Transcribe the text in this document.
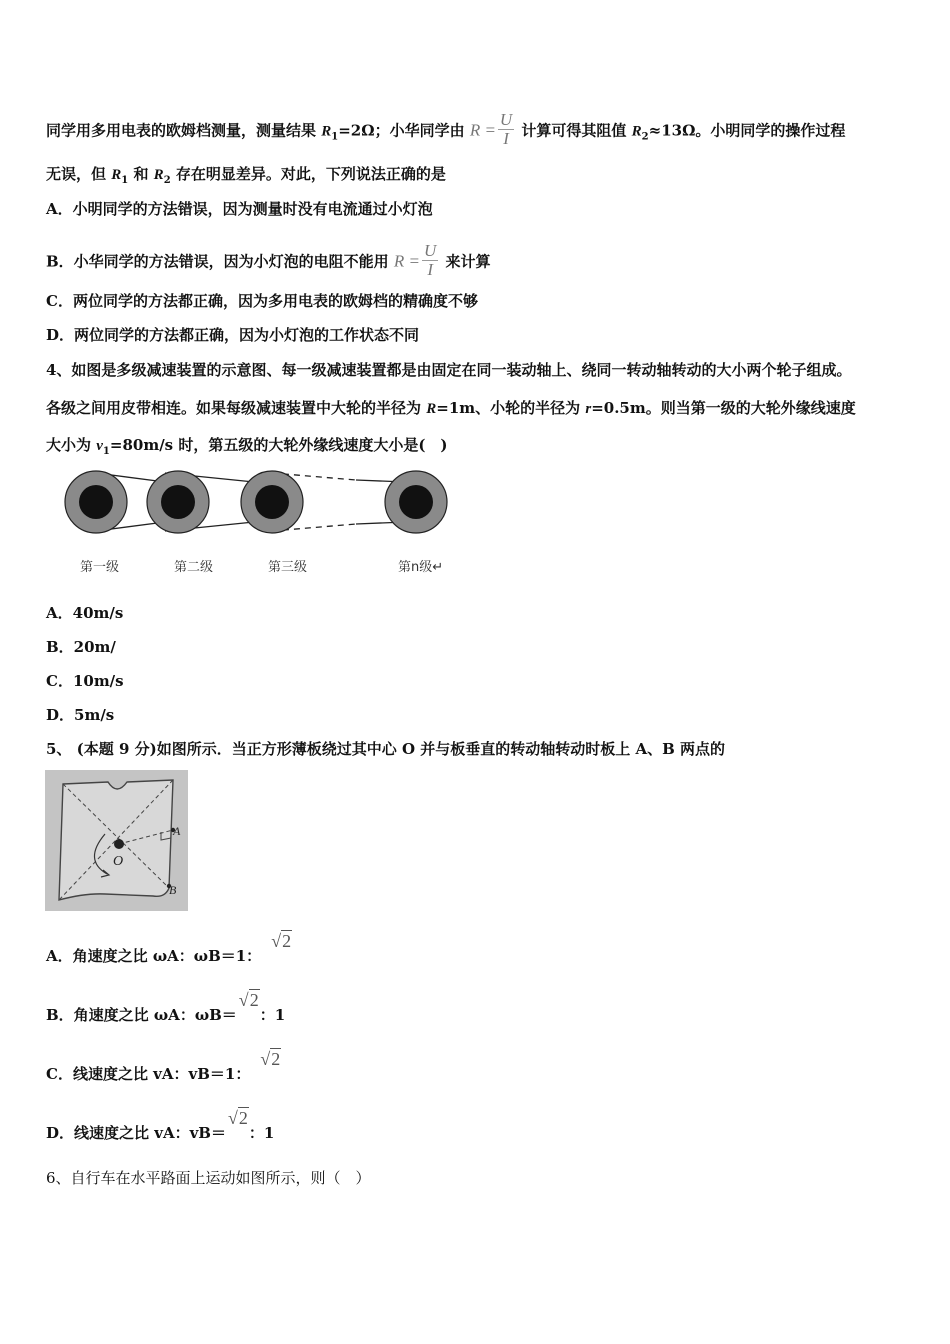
同学用多用电表的欧姆档测量，测量结果 $R_1=2\Omega$；小华同学由 $R = \frac{U}{I}$ 计算可得其阻值 $R_2\approx 13\Omega$。小明同学的操作过程
无误，但 $R_1$ 和 $R_2$ 存在明显差异。对此，下列说法正确的是
A．小明同学的方法错误，因为测量时没有电流通过小灯泡
B．小华同学的方法错误，因为小灯泡的电阻不能用 $R = \frac{U}{I}$ 来计算
C．两位同学的方法都正确，因为多用电表的欧姆档的精确度不够
D．两位同学的方法都正确，因为小灯泡的工作状态不同
4、如图是多级减速装置的示意图、每一级减速装置都是由固定在同一装动轴上、绕同一转动轴转动的大小两个轮子组成。
各级之间用皮带相连。如果每级减速装置中大轮的半径为 R=1m、小轮的半径为 r=0.5m。则当第一级的大轮外缘线速度
大小为 $v_1=80m/s$ 时，第五级的大轮外缘线速度大小是(　)
第一级	第二级	第三级	第n级↵
A．40m/s
B．20m/
C．10m/s
D．5m/s
5、 (本题 9 分)如图所示．当正方形薄板绕过其中心 O 并与板垂直的转动轴转动时板上 A、B 两点的
A
O
B
A．角速度之比 ωA：ωB＝1：√2
B．角速度之比 ωA：ωB＝√2：1
C．线速度之比 vA：vB＝1：√2
D．线速度之比 vA：vB＝√2：1
6、自行车在水平路面上运动如图所示，则（　）
